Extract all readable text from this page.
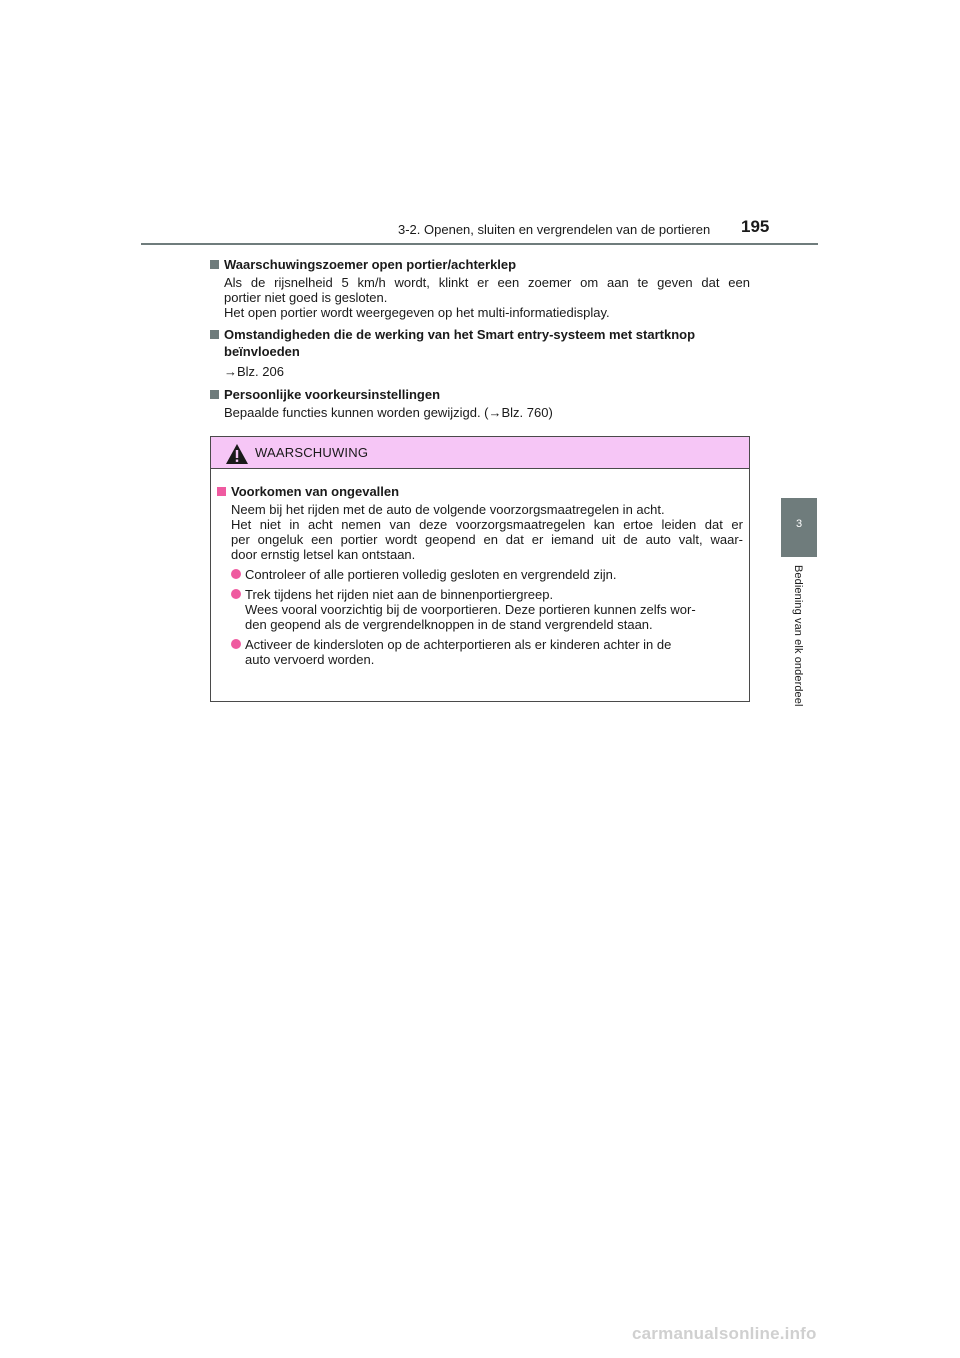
3-2. Openen, sluiten en vergrendelen van de portieren 195
3
Bediening van elk onderdeel
Waarschuwingszoemer open portier/achterklep

Als de rijsnelheid 5 km/h wordt, klinkt er een zoemer om aan te geven dat een

portier niet goed is gesloten.

Het open portier wordt weergegeven op het multi-informatiedisplay.

Omstandigheden die de werking van het Smart entry-systeem met startknop
beïnvloeden
→Blz. 206
Persoonlijke voorkeursinstellingen

Bepaalde functies kunnen worden gewijzigd. (→Blz. 760)

WAARSCHUWING
Voorkomen van ongevallen

Neem bij het rijden met de auto de volgende voorzorgsmaatregelen in acht.

Het niet in acht nemen van deze voorzorgsmaatregelen kan ertoe leiden dat er

per ongeluk een portier wordt geopend en dat er iemand uit de auto valt, waar-

door ernstig letsel kan ontstaan.

Controleer of alle portieren volledig gesloten en vergrendeld zijn.

Trek tijdens het rijden niet aan de binnenportiergreep.

Wees vooral voorzichtig bij de voorportieren. Deze portieren kunnen zelfs wor-

den geopend als de vergrendelknoppen in de stand vergrendeld staan.

Activeer de kindersloten op de achterportieren als er kinderen achter in de

auto vervoerd worden.

carmanualsonline.info
